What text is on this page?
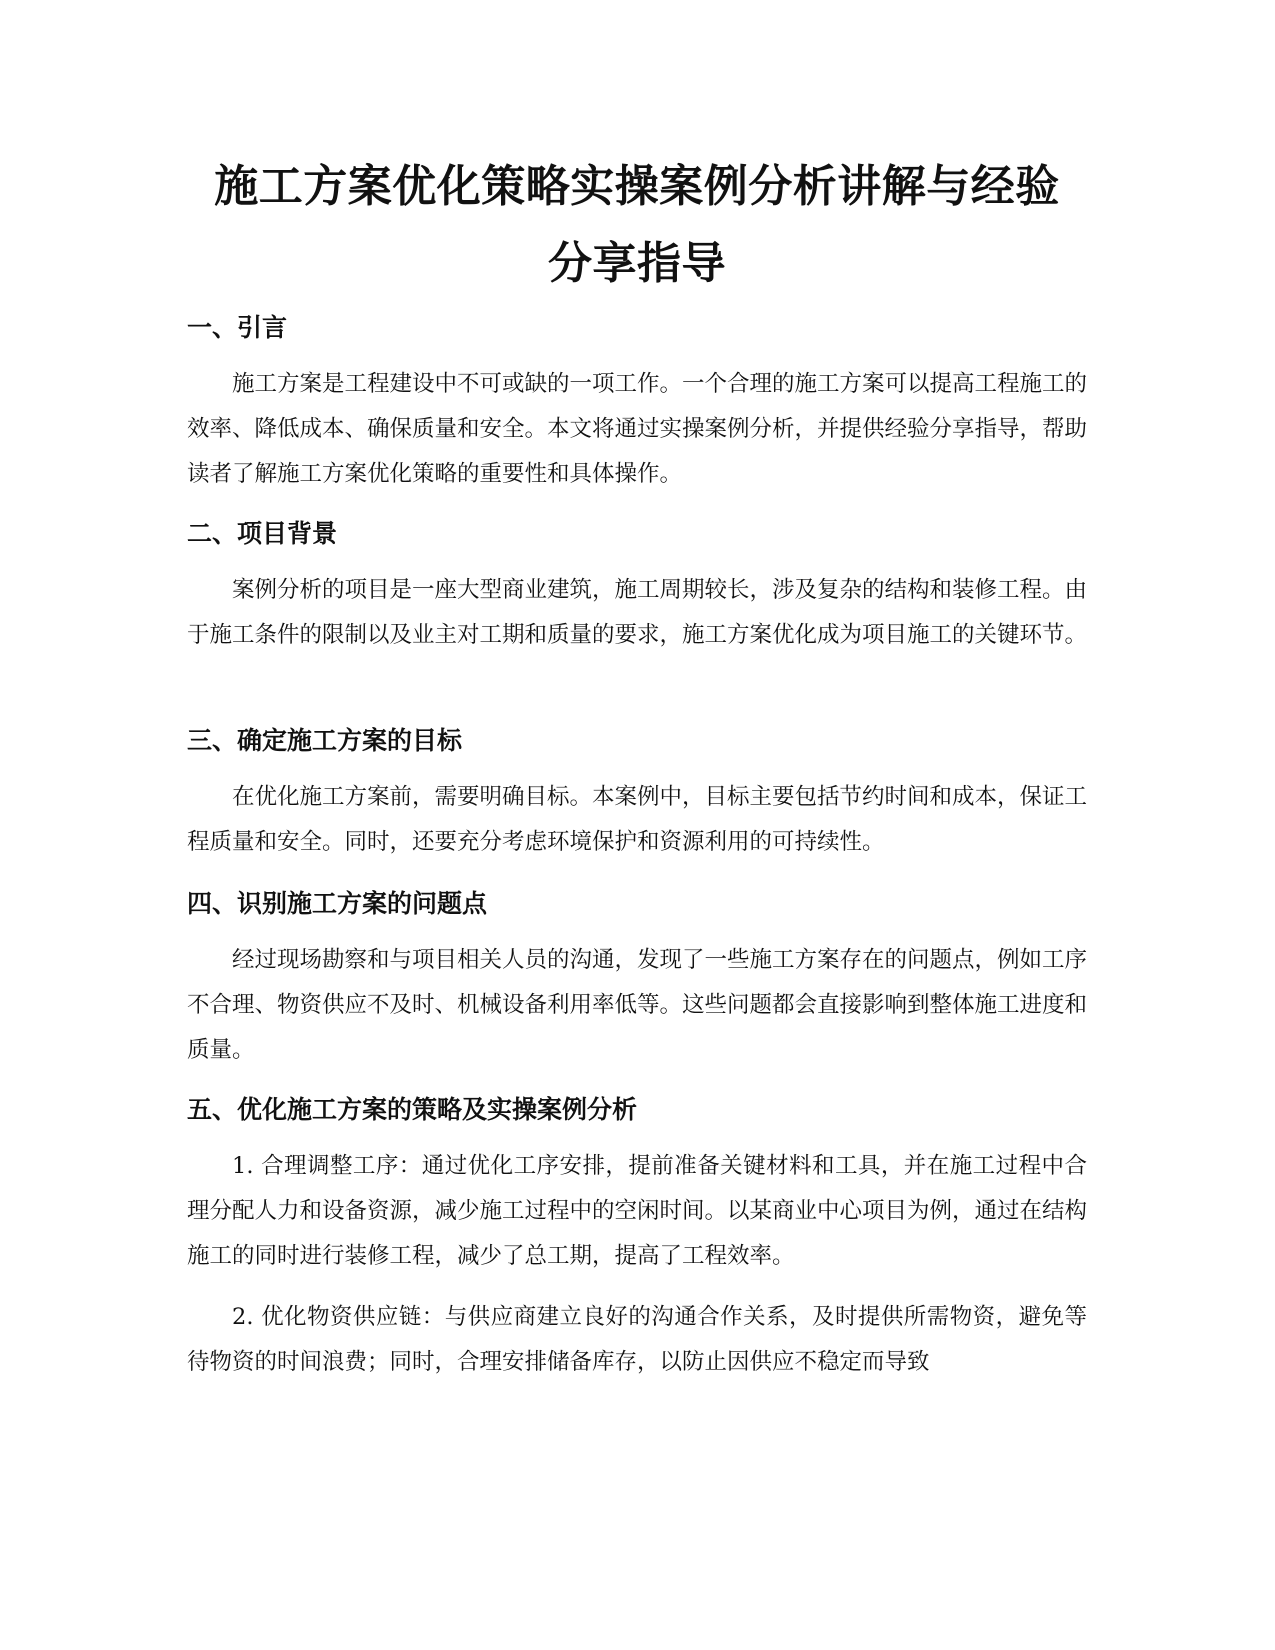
施工方案优化策略实操案例分析讲解与经验
分享指导
一、引言

施工方案是工程建设中不可或缺的一项工作。一个合理的施工方案可以提高工程施工的效率、降低成本、确保质量和安全。本文将通过实操案例分析，并提供经验分享指导，帮助读者了解施工方案优化策略的重要性和具体操作。

二、项目背景

案例分析的项目是一座大型商业建筑，施工周期较长，涉及复杂的结构和装修工程。由于施工条件的限制以及业主对工期和质量的要求，施工方案优化成为项目施工的关键环节。

三、确定施工方案的目标

在优化施工方案前，需要明确目标。本案例中，目标主要包括节约时间和成本，保证工程质量和安全。同时，还要充分考虑环境保护和资源利用的可持续性。

四、识别施工方案的问题点

经过现场勘察和与项目相关人员的沟通，发现了一些施工方案存在的问题点，例如工序不合理、物资供应不及时、机械设备利用率低等。这些问题都会直接影响到整体施工进度和质量。

五、优化施工方案的策略及实操案例分析

1. 合理调整工序：通过优化工序安排，提前准备关键材料和工具，并在施工过程中合理分配人力和设备资源，减少施工过程中的空闲时间。以某商业中心项目为例，通过在结构施工的同时进行装修工程，减少了总工期，提高了工程效率。

2. 优化物资供应链：与供应商建立良好的沟通合作关系，及时提供所需物资，避免等待物资的时间浪费；同时，合理安排储备库存，以防止因供应不稳定而导致
